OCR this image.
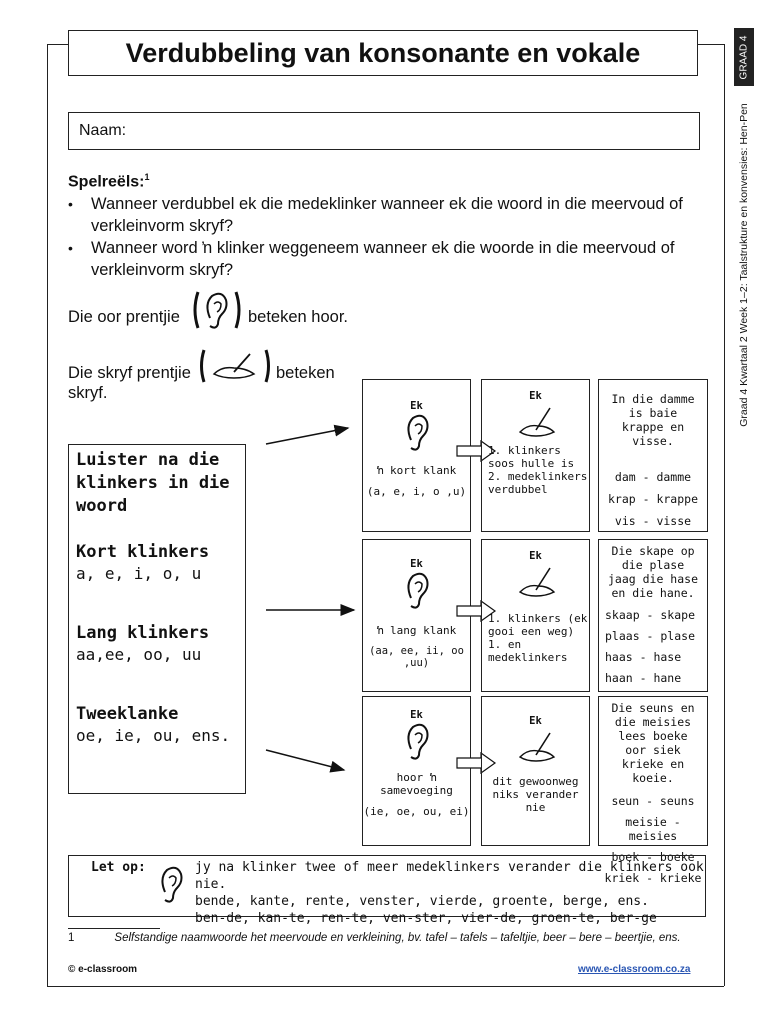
Verdubbeling van konsonante en vokale	GRAAD 4
Graad 4 Kwartaal 2 Week 1–2: Taalstrukture en konvensies: Hen-Pen
Naam:
Spelreëls:$^1$
• Wanneer verdubbel ek die medeklinker wanneer ek die woord in die meervoud of verkleinvorm skryf?
• Wanneer word ŉ klinker weggeneem wanneer ek die woorde in die meervoud of verkleinvorm skryf?
Die oor prentjie	beteken hoor.
Die skryf prentjie	beteken
skryf.
Luister na die klinkers in die woord
Kort klinkers
a, e, i, o, u
Lang klinkers
aa,ee, oo, uu
Tweeklanke
oe, ie, ou, ens.
Ek
ŉ kort klank
(a, e, i, o ,u)
Ek
1. klinkers soos hulle is
2. medeklinkers verdubbel
In die damme is baie krappe en visse.
dam - damme
krap - krappe
vis - visse
Ek
ŉ lang klank
(aa, ee, ii, oo ,uu)
Ek
1. klinkers (ek gooi een weg)
1. en medeklinkers
Die skape op die plase jaag die hase en die hane.
skaap - skape
plaas - plase
haas - hase
haan - hane
Ek
hoor ŉ samevoeging
(ie, oe, ou, ei)
Ek
dit gewoonweg niks verander nie
Die seuns en die meisies lees boeke oor siek krieke en koeie.
seun - seuns
meisie - meisies
boek - boeke
kriek - krieke
Let op:	jy na klinker twee of meer medeklinkers verander die klinkers ook nie.
bende, kante, rente, venster, vierde, groente, berge, ens.
ben-de, kan-te, ren-te, ven-ster, vier-de, groen-te, ber-ge
1	Selfstandige naamwoorde het meervoude en verkleining, bv. tafel – tafels – tafeltjie, beer – bere – beertjie, ens.
© e-classroom	www.e-classroom.co.za
